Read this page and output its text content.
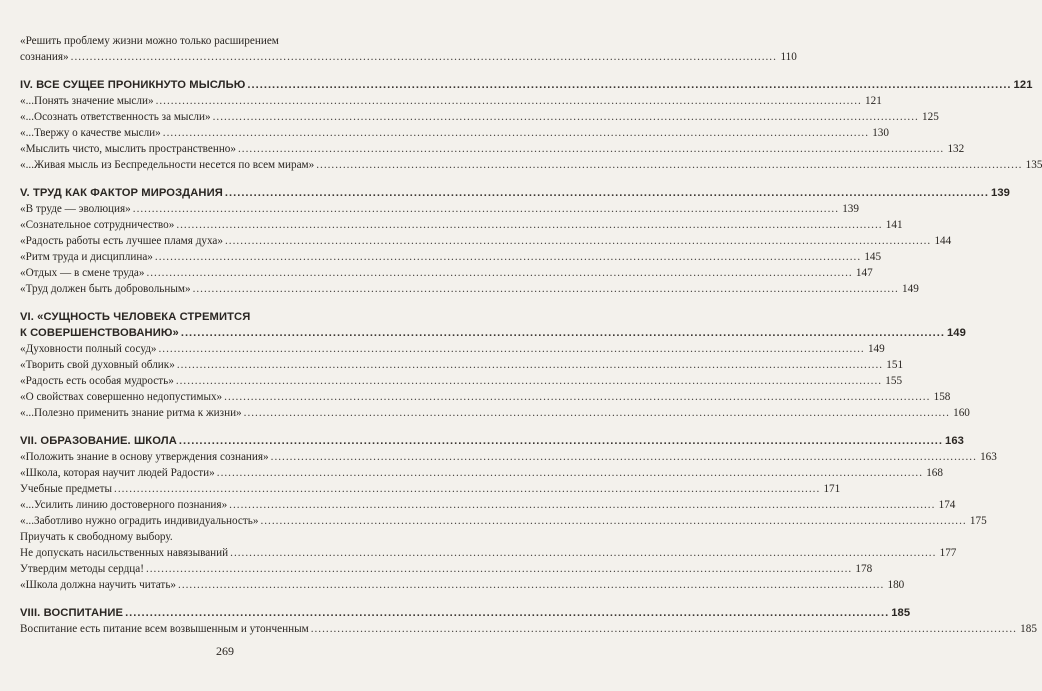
«Решить проблему жизни можно только расширением
сознания» .....	110
IV. ВСЕ СУЩЕЕ ПРОНИКНУТО МЫСЛЬЮ .....	121
«...Понять значение мысли» .....	121
«...Осознать ответственность за мысли» .....	125
«...Твержу о качестве мысли» .....	130
«Мыслить чисто, мыслить пространственно» .....	132
«...Живая мысль из Беспредельности несется по всем мирам» .....	135
V. ТРУД КАК ФАКТОР МИРОЗДАНИЯ .....	139
«В труде — эволюция» .....	139
«Сознательное сотрудничество» .....	141
«Радость работы есть лучшее пламя духа» .....	144
«Ритм труда и дисциплина» .....	145
«Отдых — в смене труда» .....	147
«Труд должен быть добровольным» .....	149
VI. «СУЩНОСТЬ ЧЕЛОВЕКА СТРЕМИТСЯ
К СОВЕРШЕНСТВОВАНИЮ» .....	149
«Духовности полный сосуд» .....	149
«Творить свой духовный облик» .....	151
«Радость есть особая мудрость» .....	155
«О свойствах совершенно недопустимых» .....	158
«...Полезно применить знание ритма к жизни» .....	160
VII. ОБРАЗОВАНИЕ. ШКОЛА .....	163
«Положить знание в основу утверждения сознания» .....	163
«Школа, которая научит людей Радости» .....	168
Учебные предметы .....	171
«...Усилить линию достоверного познания» .....	174
«...Заботливо нужно оградить индивидуальность» .....	175
Приучать к свободному выбору.
Не допускать насильственных навязываний .....	177
Утвердим методы сердца! .....	178
«Школа должна научить читать» .....	180
VIII. ВОСПИТАНИЕ .....	185
Воспитание есть питание всем возвышенным и утонченным .....	185
269
